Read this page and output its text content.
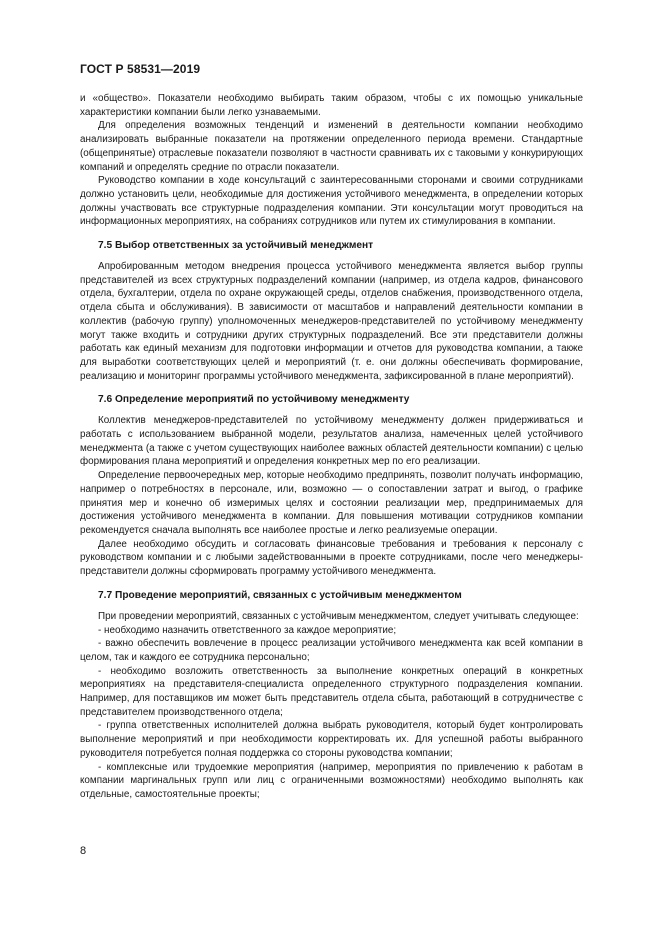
ГОСТ Р 58531—2019

и «общество». Показатели необходимо выбирать таким образом, чтобы с их помощью уникальные характеристики компании были легко узнаваемыми.

Для определения возможных тенденций и изменений в деятельности компании необходимо анализировать выбранные показатели на протяжении определенного периода времени. Стандартные (общепринятые) отраслевые показатели позволяют в частности сравнивать их с таковыми у конкурирующих компаний и определять средние по отрасли показатели.

Руководство компании в ходе консультаций с заинтересованными сторонами и своими сотрудниками должно установить цели, необходимые для достижения устойчивого менеджмента, в определении которых должны участвовать все структурные подразделения компании. Эти консультации могут проводиться на информационных мероприятиях, на собраниях сотрудников или путем их стимулирования в компании.

7.5 Выбор ответственных за устойчивый менеджмент

Апробированным методом внедрения процесса устойчивого менеджмента является выбор группы представителей из всех структурных подразделений компании (например, из отдела кадров, финансового отдела, бухгалтерии, отдела по охране окружающей среды, отделов снабжения, производственного отдела, отдела сбыта и обслуживания). В зависимости от масштабов и направлений деятельности компании в коллектив (рабочую группу) уполномоченных менеджеров-представителей по устойчивому менеджменту могут также входить и сотрудники других структурных подразделений. Все эти представители должны работать как единый механизм для подготовки информации и отчетов для руководства компании, а также для выработки соответствующих целей и мероприятий (т. е. они должны обеспечивать формирование, реализацию и мониторинг программы устойчивого менеджмента, зафиксированной в плане мероприятий).

7.6 Определение мероприятий по устойчивому менеджменту

Коллектив менеджеров-представителей по устойчивому менеджменту должен придерживаться и работать с использованием выбранной модели, результатов анализа, намеченных целей устойчивого менеджмента (а также с учетом существующих наиболее важных областей деятельности компании) с целью формирования плана мероприятий и определения конкретных мер по его реализации.

Определение первоочередных мер, которые необходимо предпринять, позволит получать информацию, например о потребностях в персонале, или, возможно — о сопоставлении затрат и выгод, о графике принятия мер и конечно об измеримых целях и состоянии реализации мер, предпринимаемых для достижения устойчивого менеджмента в компании. Для повышения мотивации сотрудников компании рекомендуется сначала выполнять все наиболее простые и легко реализуемые операции.

Далее необходимо обсудить и согласовать финансовые требования и требования к персоналу с руководством компании и с любыми задействованными в проекте сотрудниками, после чего менеджеры-представители должны сформировать программу устойчивого менеджмента.

7.7 Проведение мероприятий, связанных с устойчивым менеджментом

При проведении мероприятий, связанных с устойчивым менеджментом, следует учитывать следующее:

- необходимо назначить ответственного за каждое мероприятие;

- важно обеспечить вовлечение в процесс реализации устойчивого менеджмента как всей компании в целом, так и каждого ее сотрудника персонально;

- необходимо возложить ответственность за выполнение конкретных операций в конкретных мероприятиях на представителя-специалиста определенного структурного подразделения компании. Например, для поставщиков им может быть представитель отдела сбыта, работающий в сотрудничестве с представителем производственного отдела;

- группа ответственных исполнителей должна выбрать руководителя, который будет контролировать выполнение мероприятий и при необходимости корректировать их. Для успешной работы выбранного руководителя потребуется полная поддержка со стороны руководства компании;

- комплексные или трудоемкие мероприятия (например, мероприятия по привлечению к работам в компании маргинальных групп или лиц с ограниченными возможностями) необходимо выполнять как отдельные, самостоятельные проекты;

8
